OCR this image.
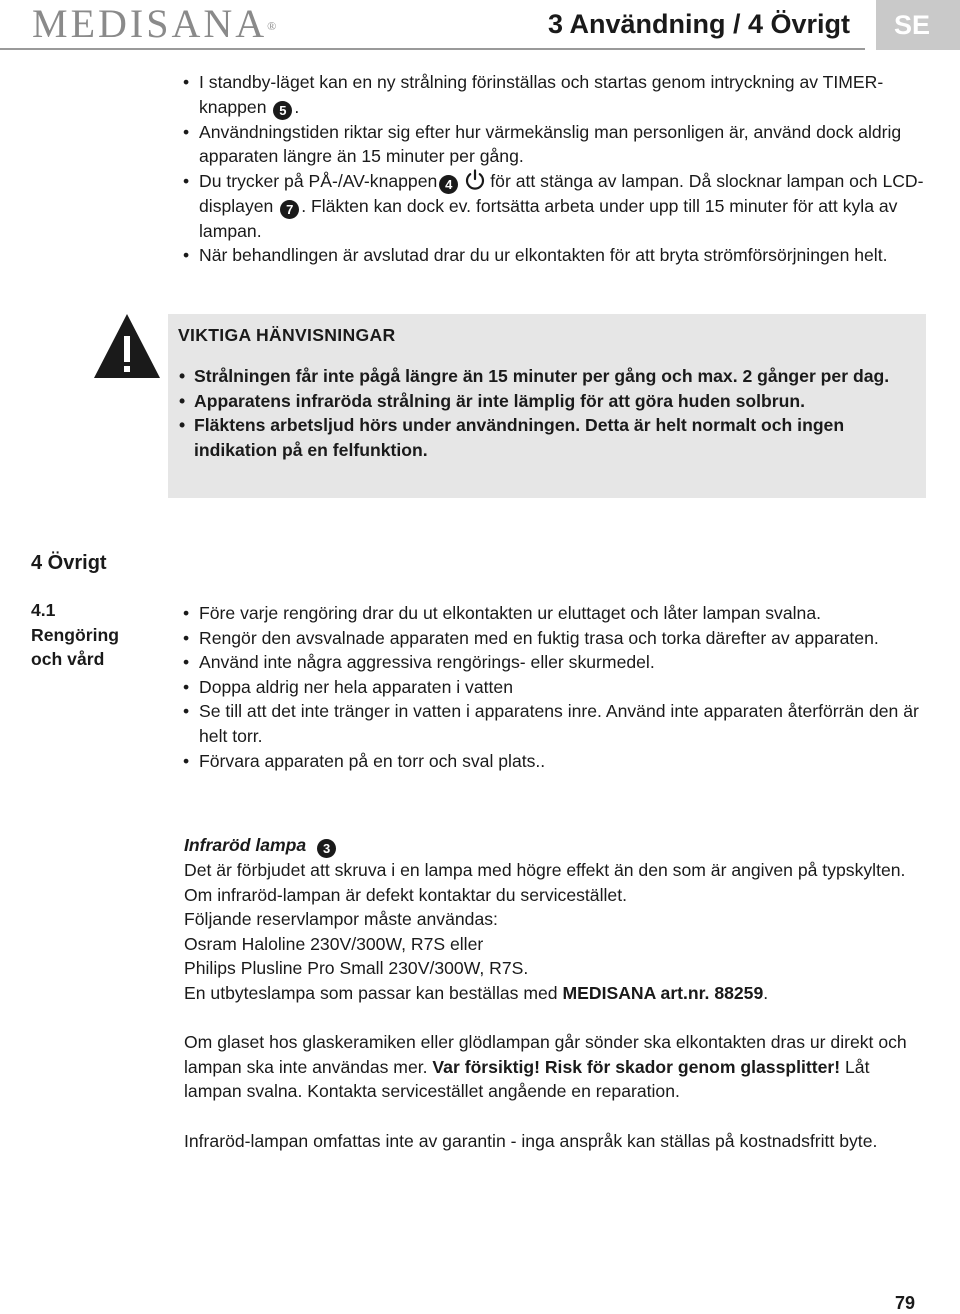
MEDISANA®	3 Användning / 4 Övrigt	SE
• I standby-läget kan en ny strålning förinställas och startas genom intryckning av TIMER- knappen 5 .
• Användningstiden riktar sig efter hur värmekänslig man personligen är, använd dock aldrig apparaten längre än 15 minuter per gång.
• Du trycker på PÅ-/AV-knappen 4 för att stänga av lampan. Då slocknar lampan och LCD-displayen 7 . Fläkten kan dock ev. fortsätta arbeta under upp till 15 minuter för att kyla av lampan.
• När behandlingen är avslutad drar du ur elkontakten för att bryta strömförsörjningen helt.
VIKTIGA HÄNVISNINGAR
• Strålningen får inte pågå längre än 15 minuter per gång och max. 2 gånger per dag.
• Apparatens infraröda strålning är inte lämplig för att göra huden solbrun.
• Fläktens arbetsljud hörs under användningen. Detta är helt normalt och ingen indikation på en felfunktion.
4 Övrigt
4.1
Rengöring och vård
• Före varje rengöring drar du ut elkontakten ur eluttaget och låter lampan svalna.
• Rengör den avsvalnade apparaten med en fuktig trasa och torka därefter av apparaten.
• Använd inte några aggressiva rengörings- eller skurmedel.
• Doppa aldrig ner hela apparaten i vatten
• Se till att det inte tränger in vatten i apparatens inre. Använd inte apparaten återförrän den är helt torr.
• Förvara apparaten på en torr och sval plats..
Infraröd lampa 3
Det är förbjudet att skruva i en lampa med högre effekt än den som är angiven på typskylten. Om infraröd-lampan är defekt kontaktar du servicestället.
Följande reservlampor måste användas:
Osram Haloline 230V/300W, R7S eller
Philips Plusline Pro Small 230V/300W, R7S.
En utbyteslampa som passar kan beställas med MEDISANA art.nr. 88259.
Om glaset hos glaskeramiken eller glödlampan går sönder ska elkontakten dras ur direkt och lampan ska inte användas mer. Var försiktig! Risk för skador genom glassplitter! Låt lampan svalna. Kontakta servicestället angående en reparation.
Infraröd-lampan omfattas inte av garantin - inga anspråk kan ställas på kostnadsfritt byte.
79
